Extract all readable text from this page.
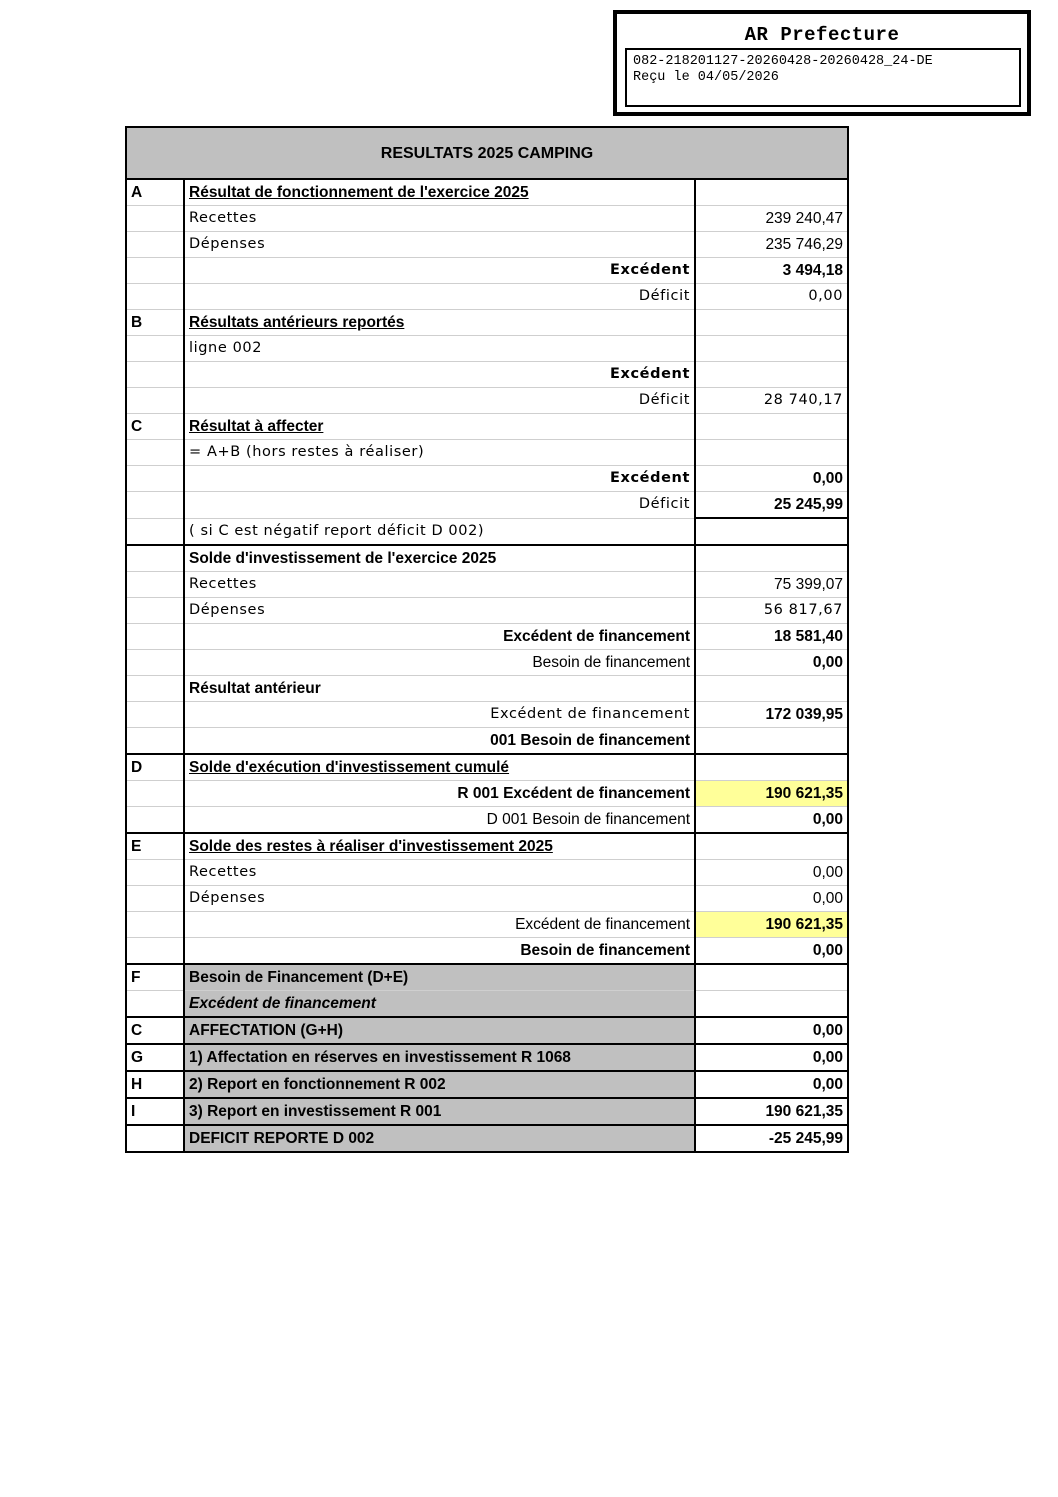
AR Prefecture
082-218201127-20260428-20260428_24-DE
Reçu le 04/05/2026
RESULTATS 2025 CAMPING		
A	Résultat de fonctionnement de l'exercice 2025	
	Recettes	239 240,47
	Dépenses	235 746,29
	Excédent	3 494,18
	Déficit	0,00
B	Résultats antérieurs reportés	
	ligne 002	
	Excédent	
	Déficit	28 740,17
C	Résultat à affecter	
	= A+B (hors restes à réaliser)	
	Excédent	0,00
	Déficit	25 245,99
	( si C est négatif report déficit D 002)	
	Solde d'investissement de l'exercice 2025	
	Recettes	75 399,07
	Dépenses	56 817,67
	Excédent de financement	18 581,40
	Besoin de financement	0,00
	Résultat antérieur	
	Excédent de financement	172 039,95
	001 Besoin de financement	
D	Solde d'exécution d'investissement cumulé	
	R 001 Excédent de financement	190 621,35
	D 001 Besoin de financement	0,00
E	Solde des restes à réaliser d'investissement 2025	
	Recettes	0,00
	Dépenses	0,00
	Excédent de financement	190 621,35
	Besoin de financement	0,00
F	Besoin de Financement (D+E)	
	Excédent de financement	
C	AFFECTATION (G+H)	0,00
G	1) Affectation en réserves en investissement R 1068	0,00
H	2) Report en fonctionnement R 002	0,00
I	3) Report en investissement R 001	190 621,35
	DEFICIT REPORTE D 002	-25 245,99
